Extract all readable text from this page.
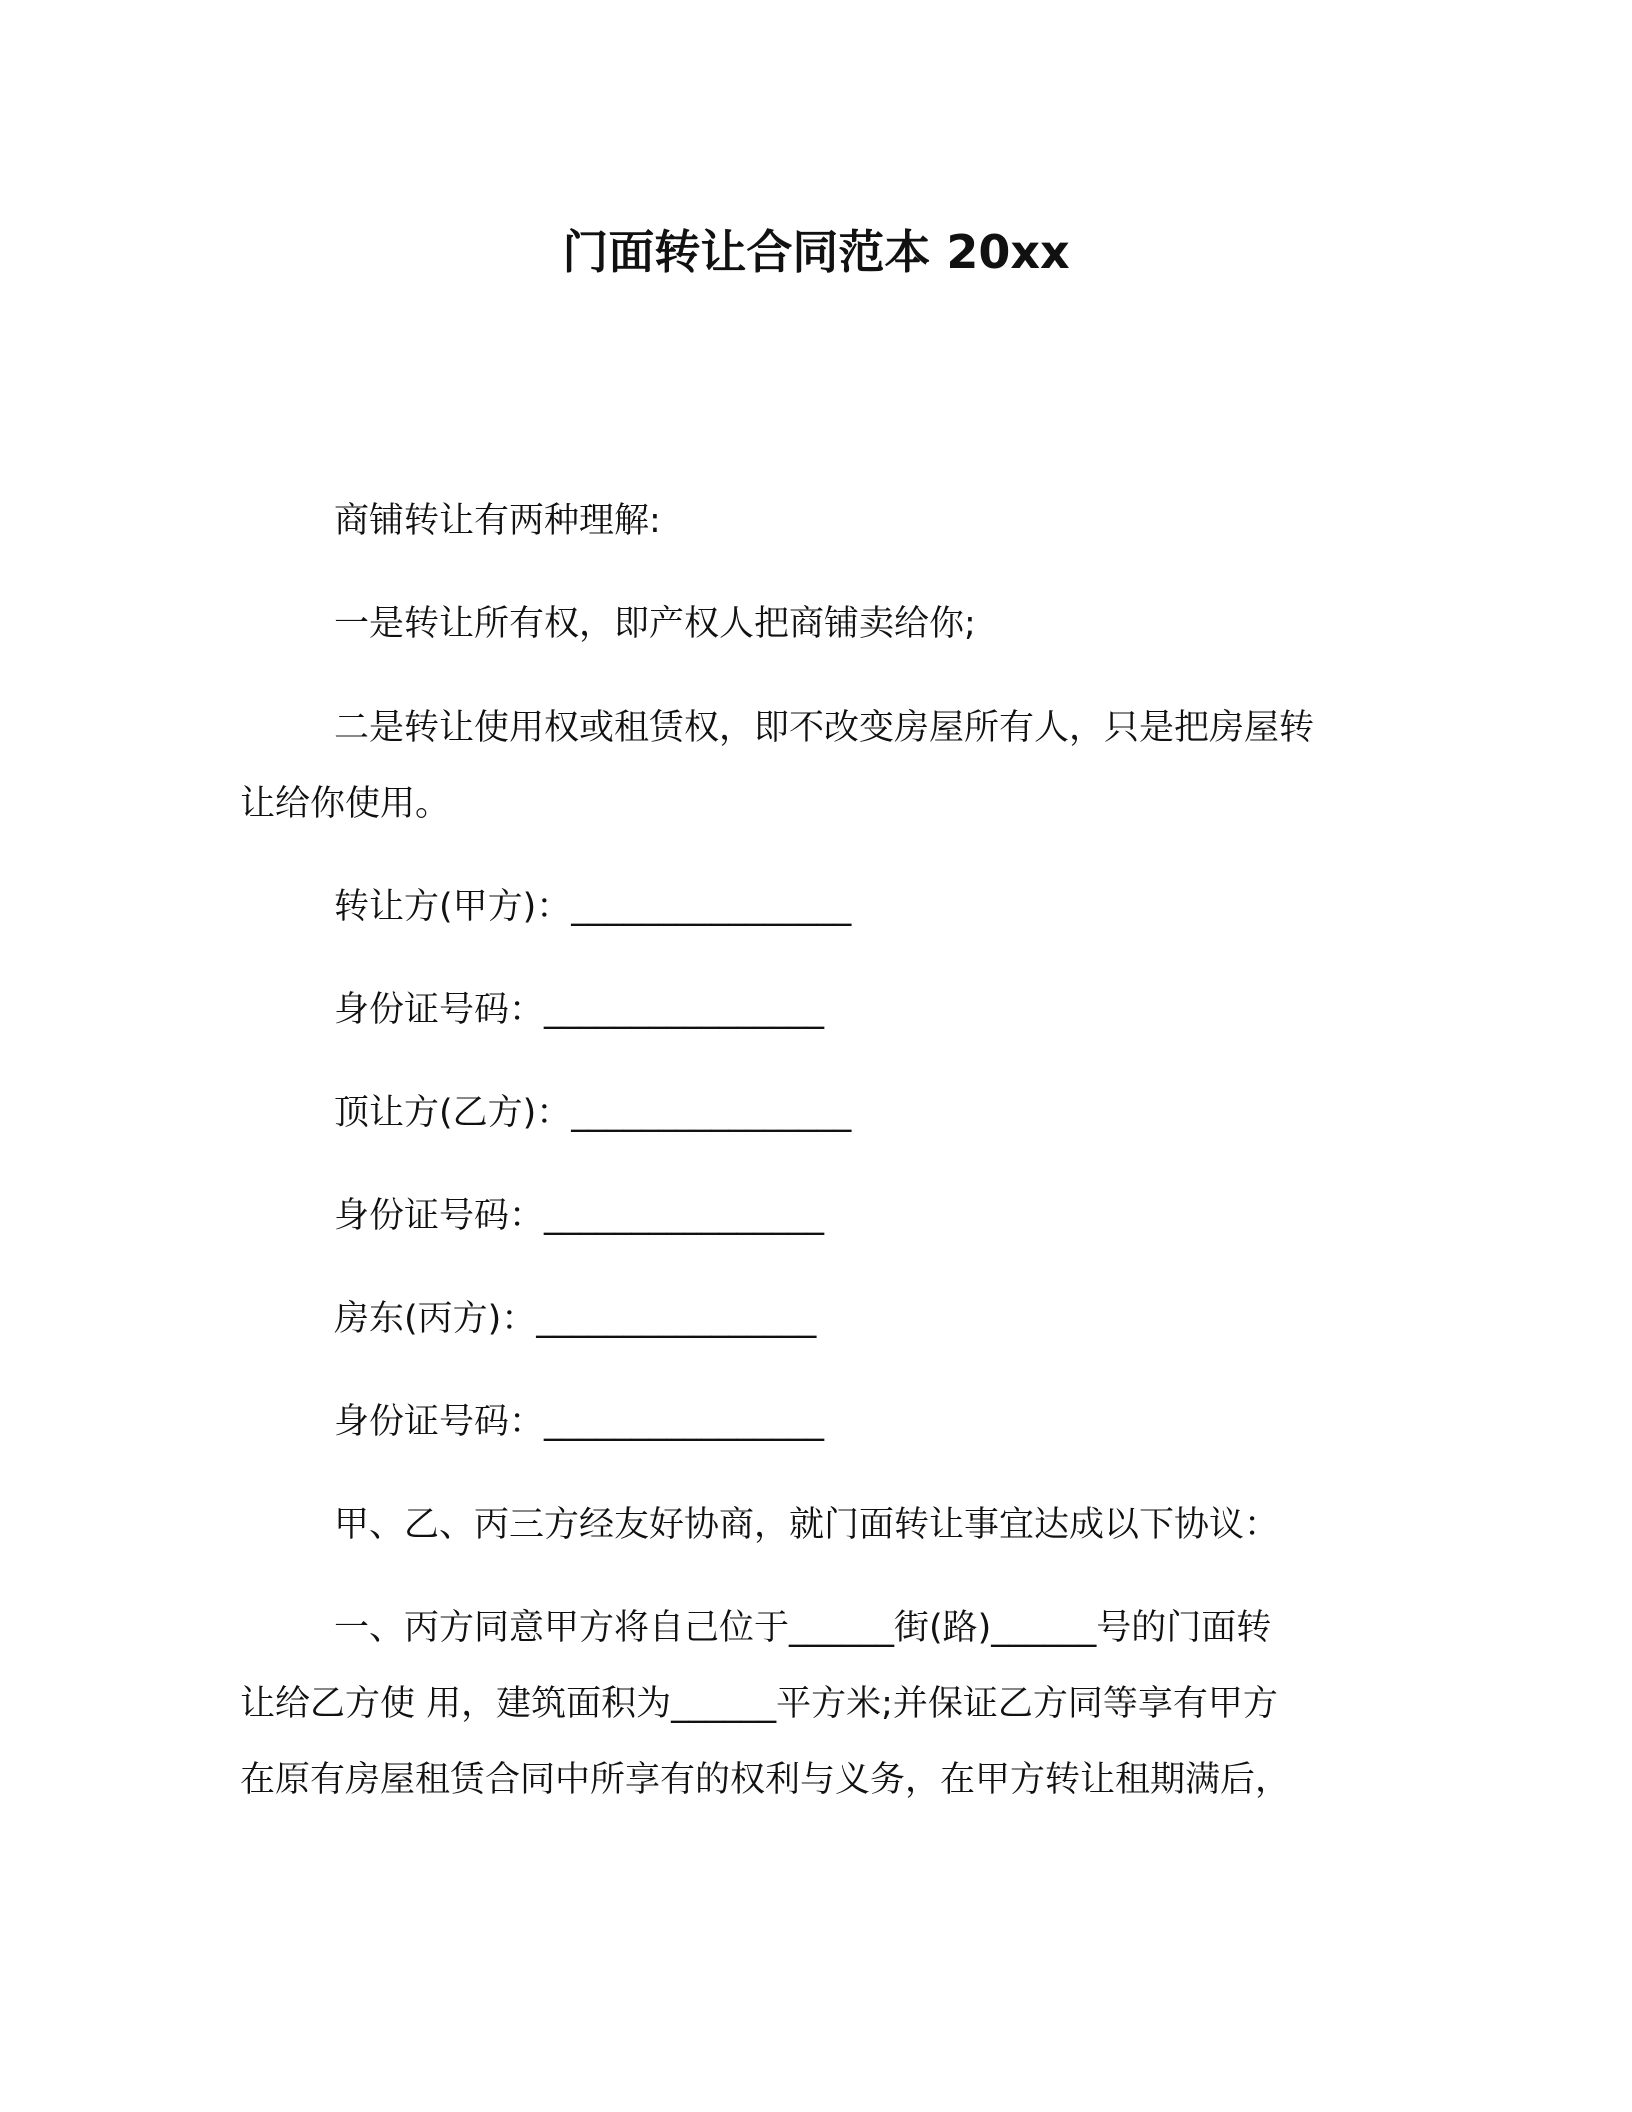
门面转让合同范本 20xx
商铺转让有两种理解:
一是转让所有权，即产权人把商铺卖给你;
二是转让使用权或租赁权，即不改变房屋所有人，只是把房屋转
让给你使用。
转让方(甲方)：________________
身份证号码：________________
顶让方(乙方)：________________
身份证号码：________________
房东(丙方)：________________
身份证号码：________________
甲、乙、丙三方经友好协商，就门面转让事宜达成以下协议：
一、丙方同意甲方将自己位于______街(路)______号的门面转
让给乙方使 用，建筑面积为______平方米;并保证乙方同等享有甲方
在原有房屋租赁合同中所享有的权利与义务，在甲方转让租期满后，
